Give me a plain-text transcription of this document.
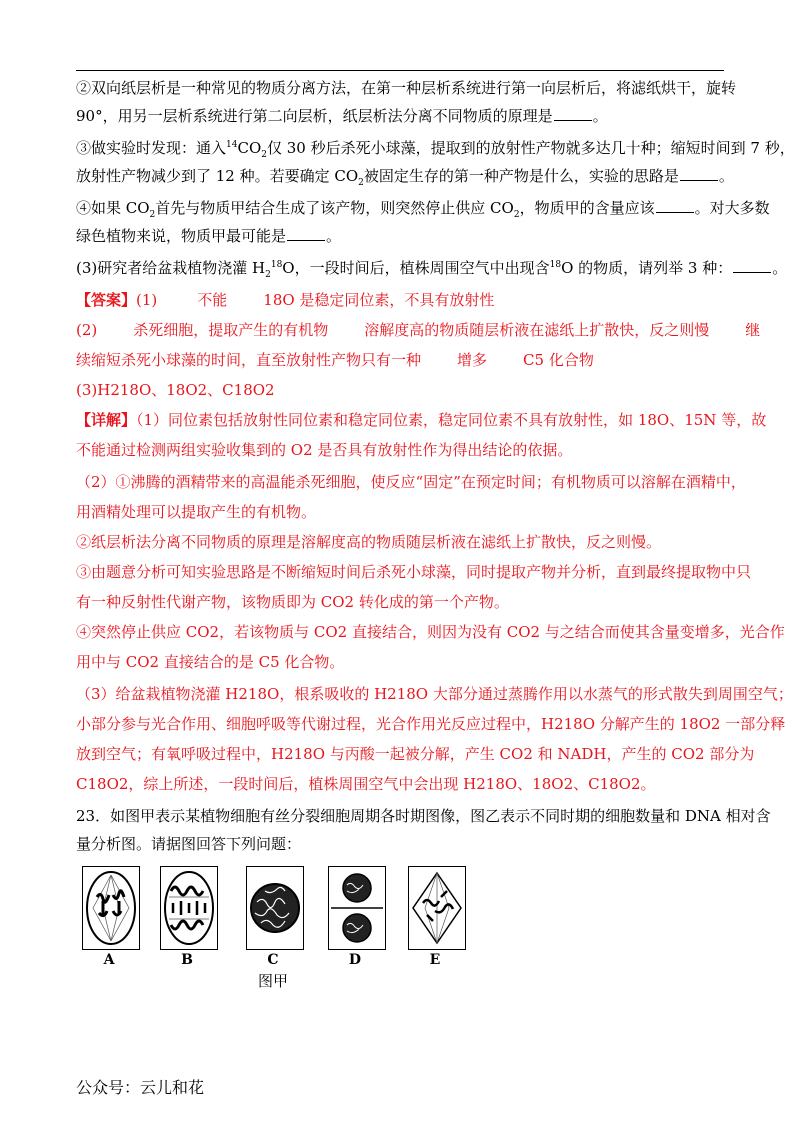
②双向纸层析是一种常见的物质分离方法，在第一种层析系统进行第一向层析后，将滤纸烘干，旋转
90°，用另一层析系统进行第二向层析，纸层析法分离不同物质的原理是	。
③做实验时发现：通入$^{14}CO_2$仅 30 秒后杀死小球藻，提取到的放射性产物就多达几十种；缩短时间到 7 秒，
放射性产物减少到了 12 种。若要确定 $CO_2$被固定生存的第一种产物是什么，实验的思路是	。
④如果 $CO_2$首先与物质甲结合生成了该产物，则突然停止供应 $CO_2$，物质甲的含量应该	。对大多数
绿色植物来说，物质甲最可能是	。
(3)研究者给盆栽植物浇灌 $H_2^{18}O$，一段时间后，植株周围空气中出现含$^{18}$O 的物质，请列举 3 种：	。
【答案】(1)	不能 18O 是稳定同位素，不具有放射性
(2) 杀死细胞，提取产生的有机物 溶解度高的物质随层析液在滤纸上扩散快，反之则慢 继
续缩短杀死小球藻的时间，直至放射性产物只有一种 增多 C5 化合物
(3)H218O、18O2、C18O2
【详解】（1）同位素包括放射性同位素和稳定同位素，稳定同位素不具有放射性，如 18O、15N 等，故
不能通过检测两组实验收集到的 O2 是否具有放射性作为得出结论的依据。
（2）①沸腾的酒精带来的高温能杀死细胞，使反应“固定”在预定时间；有机物质可以溶解在酒精中，
用酒精处理可以提取产生的有机物。
②纸层析法分离不同物质的原理是溶解度高的物质随层析液在滤纸上扩散快，反之则慢。
③由题意分析可知实验思路是不断缩短时间后杀死小球藻，同时提取产物并分析，直到最终提取物中只
有一种反射性代谢产物，该物质即为 CO2 转化成的第一个产物。
④突然停止供应 CO2，若该物质与 CO2 直接结合，则因为没有 CO2 与之结合而使其含量变增多，光合作
用中与 CO2 直接结合的是 C5 化合物。
（3）给盆栽植物浇灌 H218O，根系吸收的 H218O 大部分通过蒸腾作用以水蒸气的形式散失到周围空气；
小部分参与光合作用、细胞呼吸等代谢过程，光合作用光反应过程中，H218O 分解产生的 18O2 一部分释
放到空气；有氧呼吸过程中，H218O 与丙酸一起被分解，产生 CO2 和 NADH，产生的 CO2 部分为
C18O2，综上所述，一段时间后，植株周围空气中会出现 H218O、18O2、C18O2。
23．如图甲表示某植物细胞有丝分裂细胞周期各时期图像，图乙表示不同时期的细胞数量和 DNA 相对含
量分析图。请据图回答下列问题：
A	B	C	D	E
图甲
公众号：云儿和花
